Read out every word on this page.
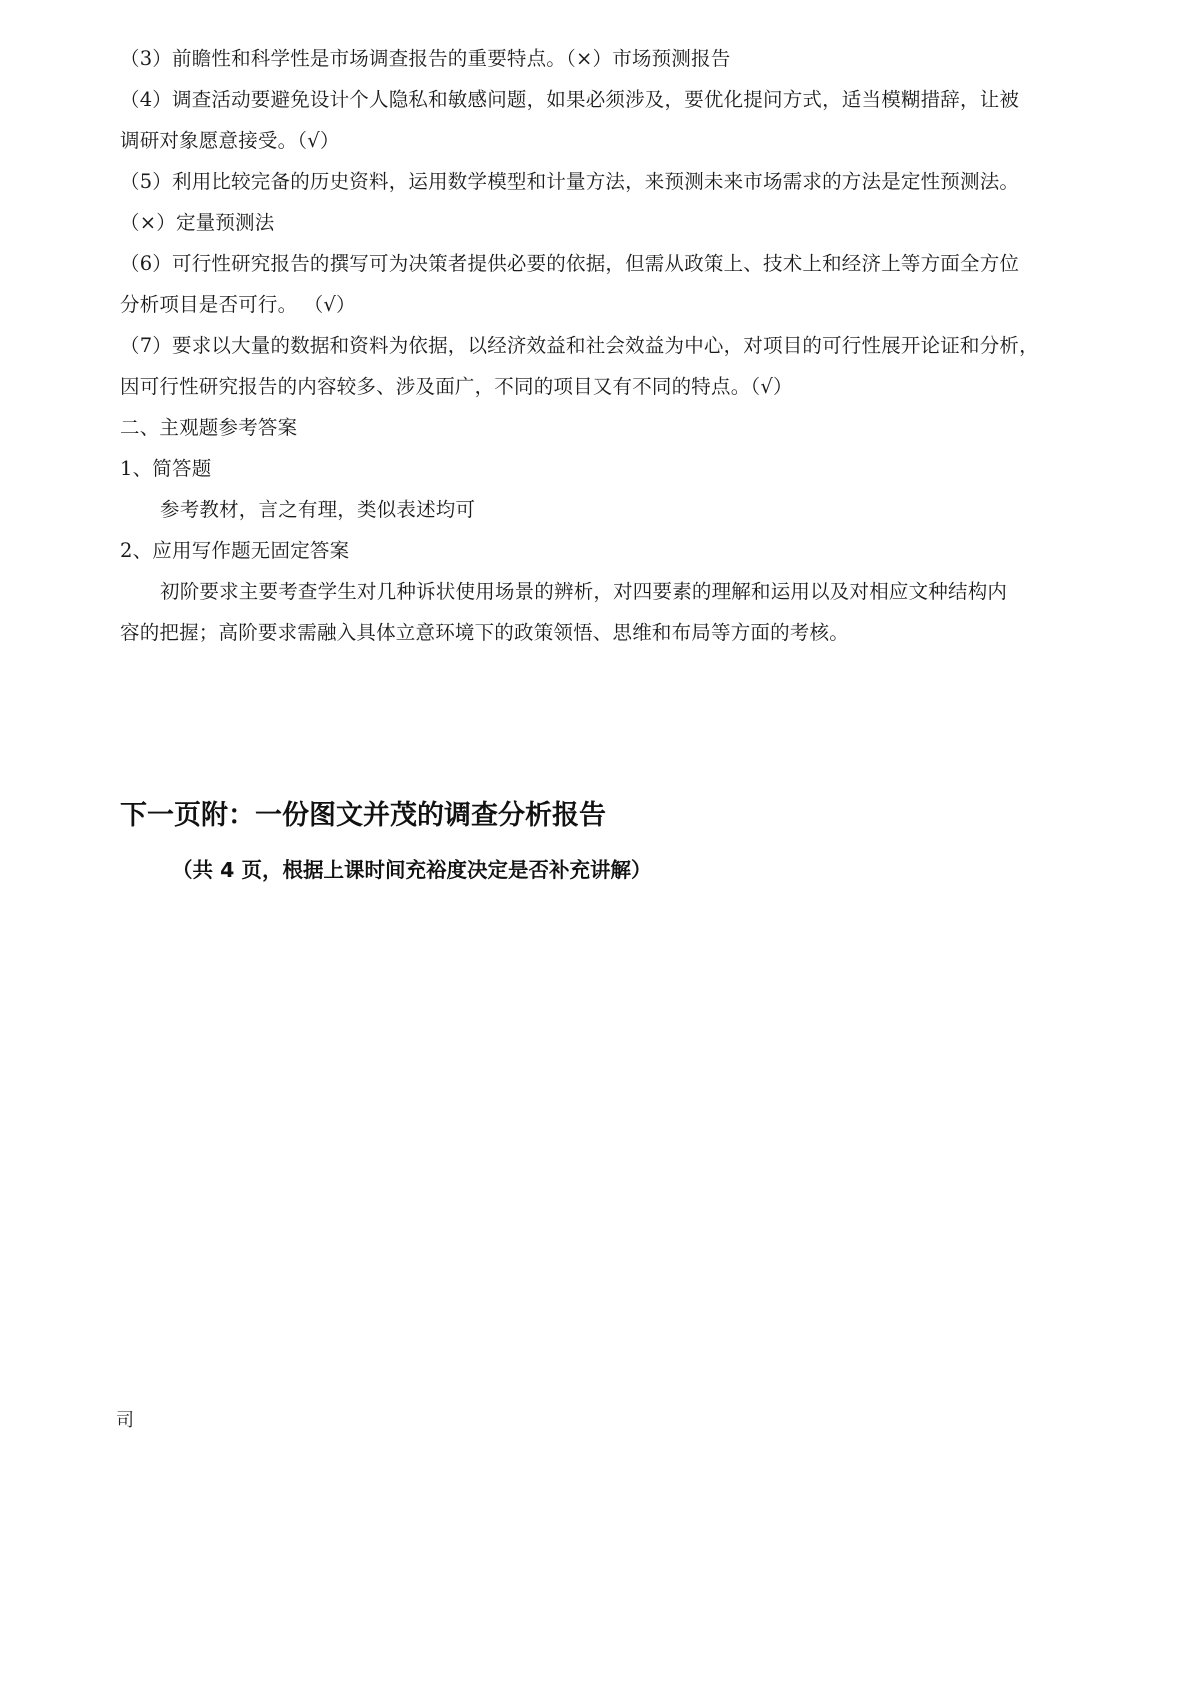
（3）前瞻性和科学性是市场调查报告的重要特点。（×）市场预测报告
（4）调查活动要避免设计个人隐私和敏感问题，如果必须涉及，要优化提问方式，适当模糊措辞，让被
调研对象愿意接受。（√）
（5）利用比较完备的历史资料，运用数学模型和计量方法，来预测未来市场需求的方法是定性预测法。
（×）定量预测法
（6）可行性研究报告的撰写可为决策者提供必要的依据，但需从政策上、技术上和经济上等方面全方位
分析项目是否可行。 （√）
（7）要求以大量的数据和资料为依据，以经济效益和社会效益为中心，对项目的可行性展开论证和分析，
因可行性研究报告的内容较多、涉及面广，不同的项目又有不同的特点。（√）
二、主观题参考答案
1、简答题
参考教材，言之有理，类似表述均可
2、应用写作题无固定答案
初阶要求主要考查学生对几种诉状使用场景的辨析，对四要素的理解和运用以及对相应文种结构内
容的把握；高阶要求需融入具体立意环境下的政策领悟、思维和布局等方面的考核。
下一页附：一份图文并茂的调查分析报告
（共 4 页，根据上课时间充裕度决定是否补充讲解）
司
